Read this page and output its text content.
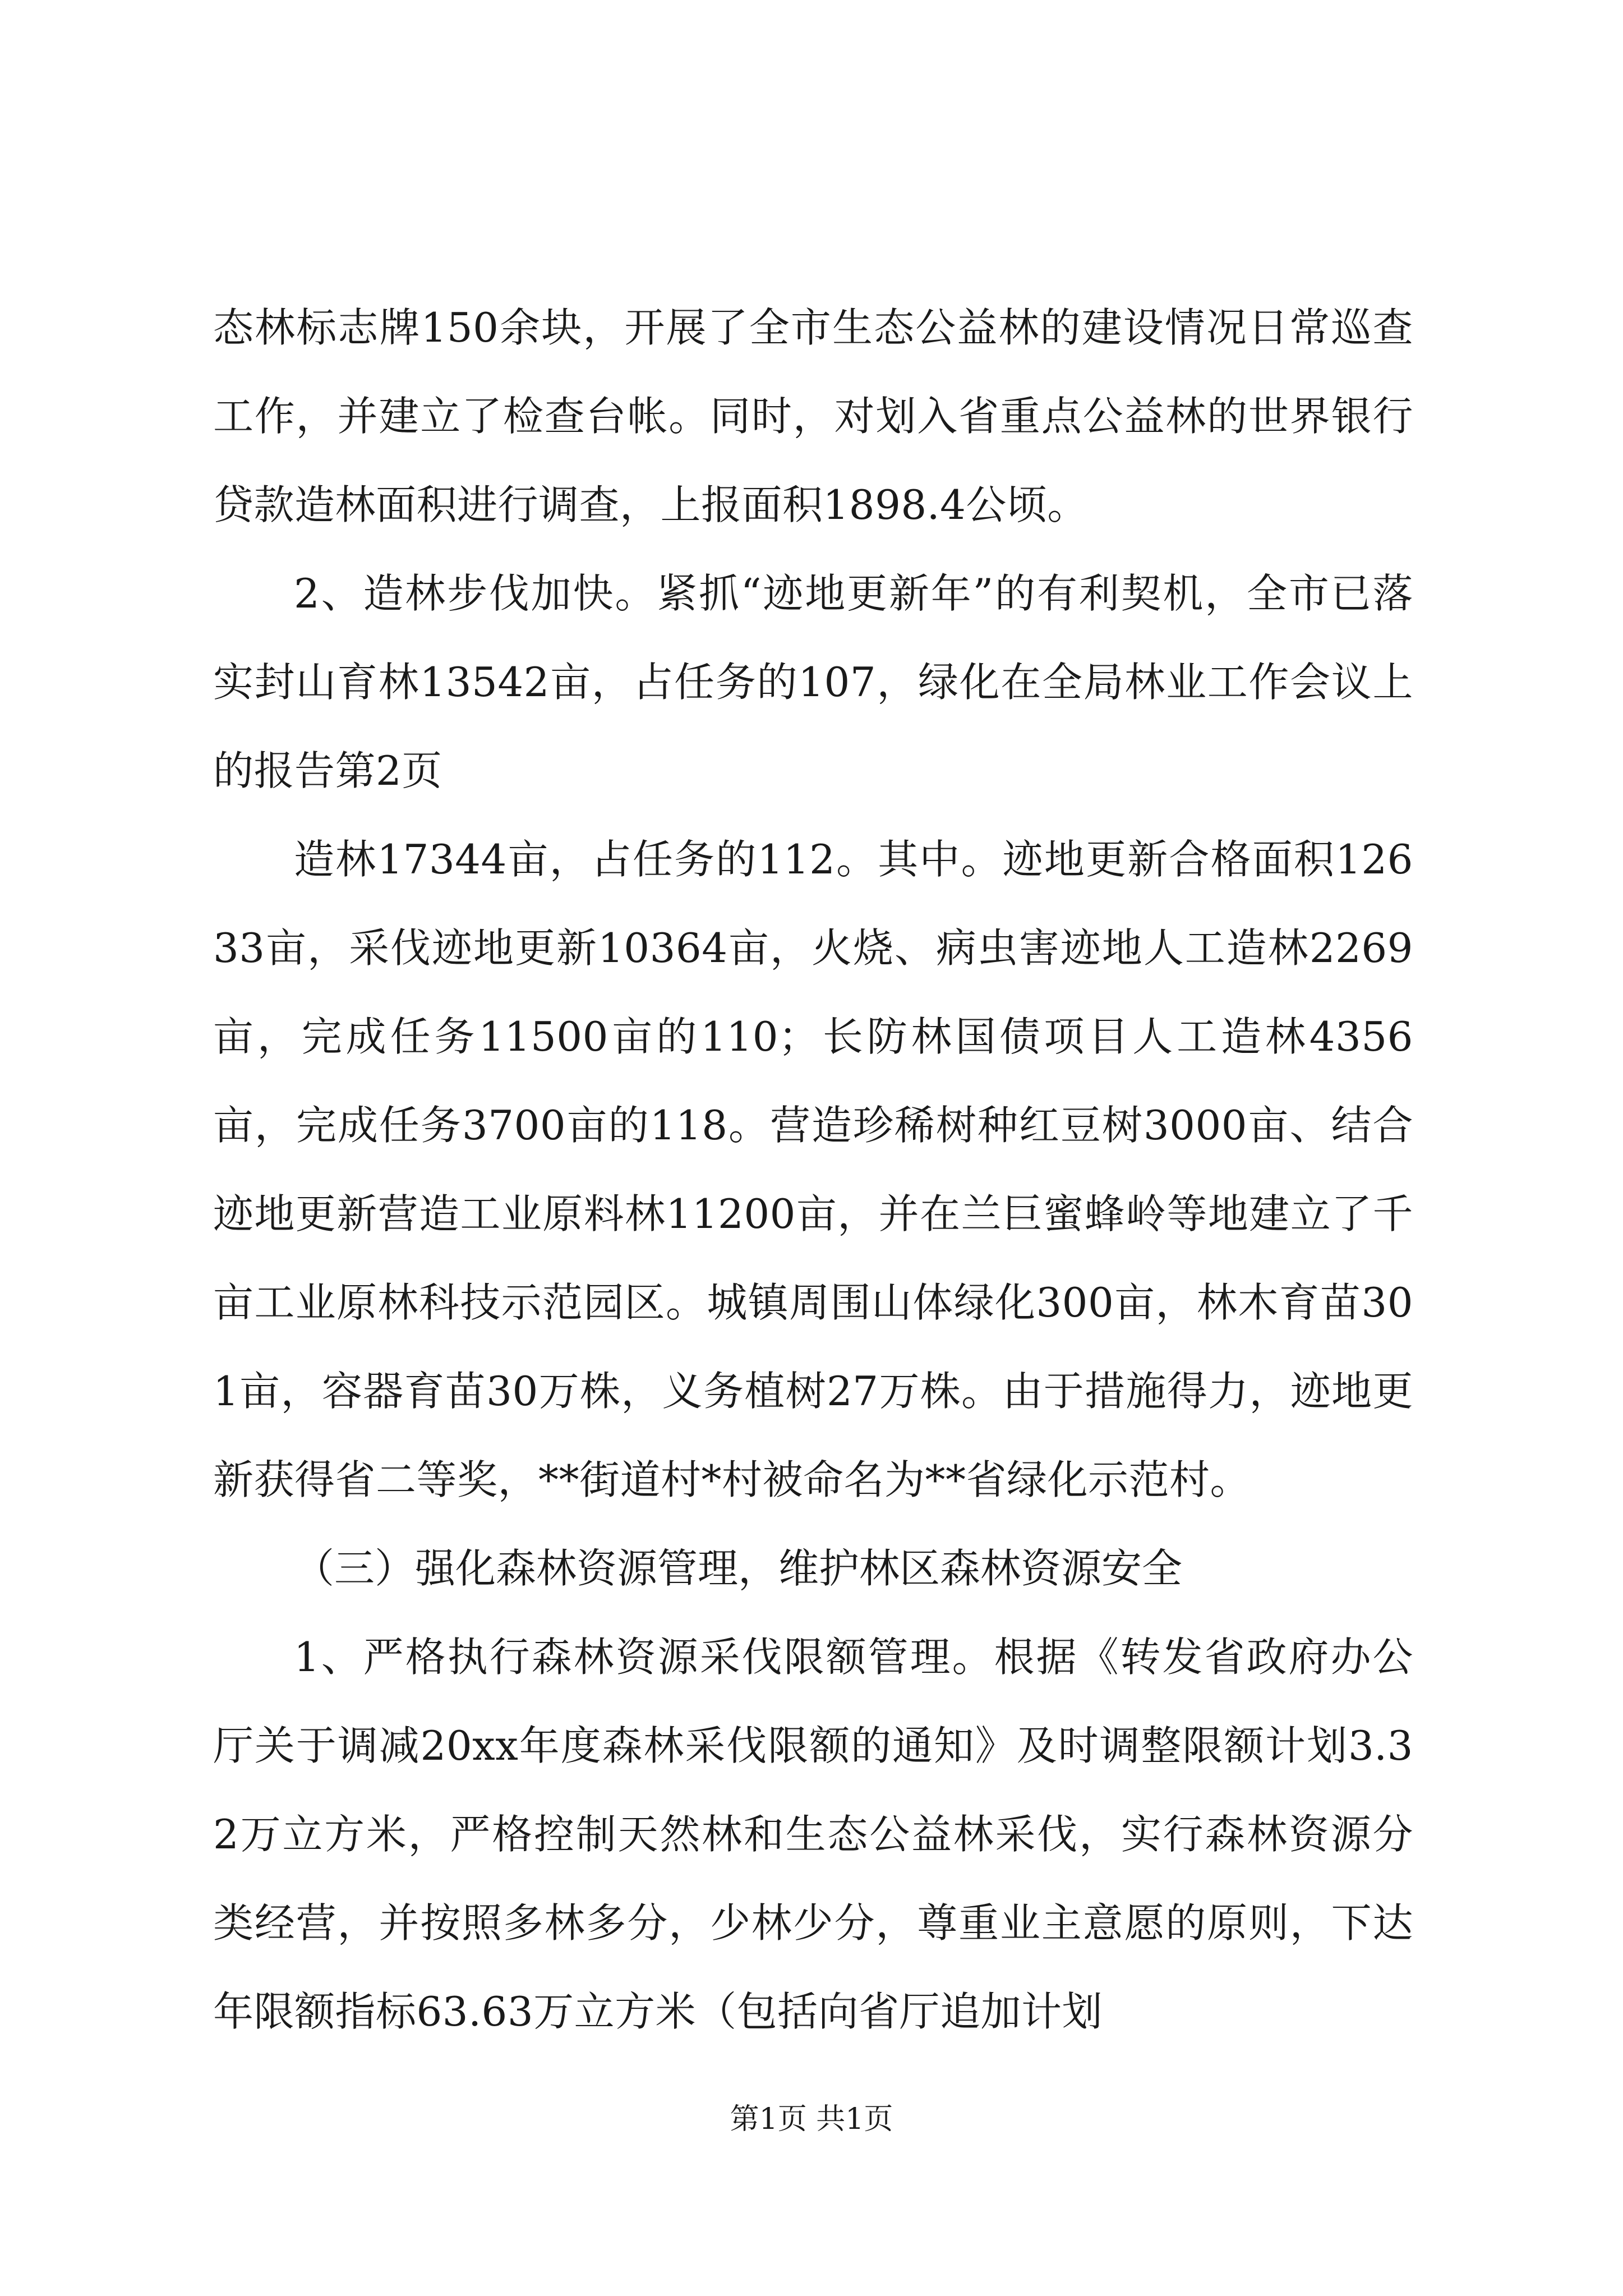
态林标志牌150余块，开展了全市生态公益林的建设情况日常巡查工作，并建立了检查台帐。同时，对划入省重点公益林的世界银行贷款造林面积进行调查，上报面积1898.4公顷。

2、造林步伐加快。紧抓“迹地更新年”的有利契机，全市已落实封山育林13542亩，占任务的107，绿化在全局林业工作会议上的报告第2页

造林17344亩，占任务的112。其中。迹地更新合格面积12633亩，采伐迹地更新10364亩，火烧、病虫害迹地人工造林2269亩，完成任务11500亩的110；长防林国债项目人工造林4356亩，完成任务3700亩的118。营造珍稀树种红豆树3000亩、结合迹地更新营造工业原料林11200亩，并在兰巨蜜蜂岭等地建立了千亩工业原林科技示范园区。城镇周围山体绿化300亩，林木育苗301亩，容器育苗30万株，义务植树27万株。由于措施得力，迹地更新获得省二等奖，**街道村*村被命名为**省绿化示范村。

（三）强化森林资源管理，维护林区森林资源安全

1、严格执行森林资源采伐限额管理。根据《转发省政府办公厅关于调减20xx年度森林采伐限额的通知》及时调整限额计划3.32万立方米，严格控制天然林和生态公益林采伐，实行森林资源分类经营，并按照多林多分，少林少分，尊重业主意愿的原则，下达年限额指标63.63万立方米（包括向省厅追加计划

第1页 共1页
